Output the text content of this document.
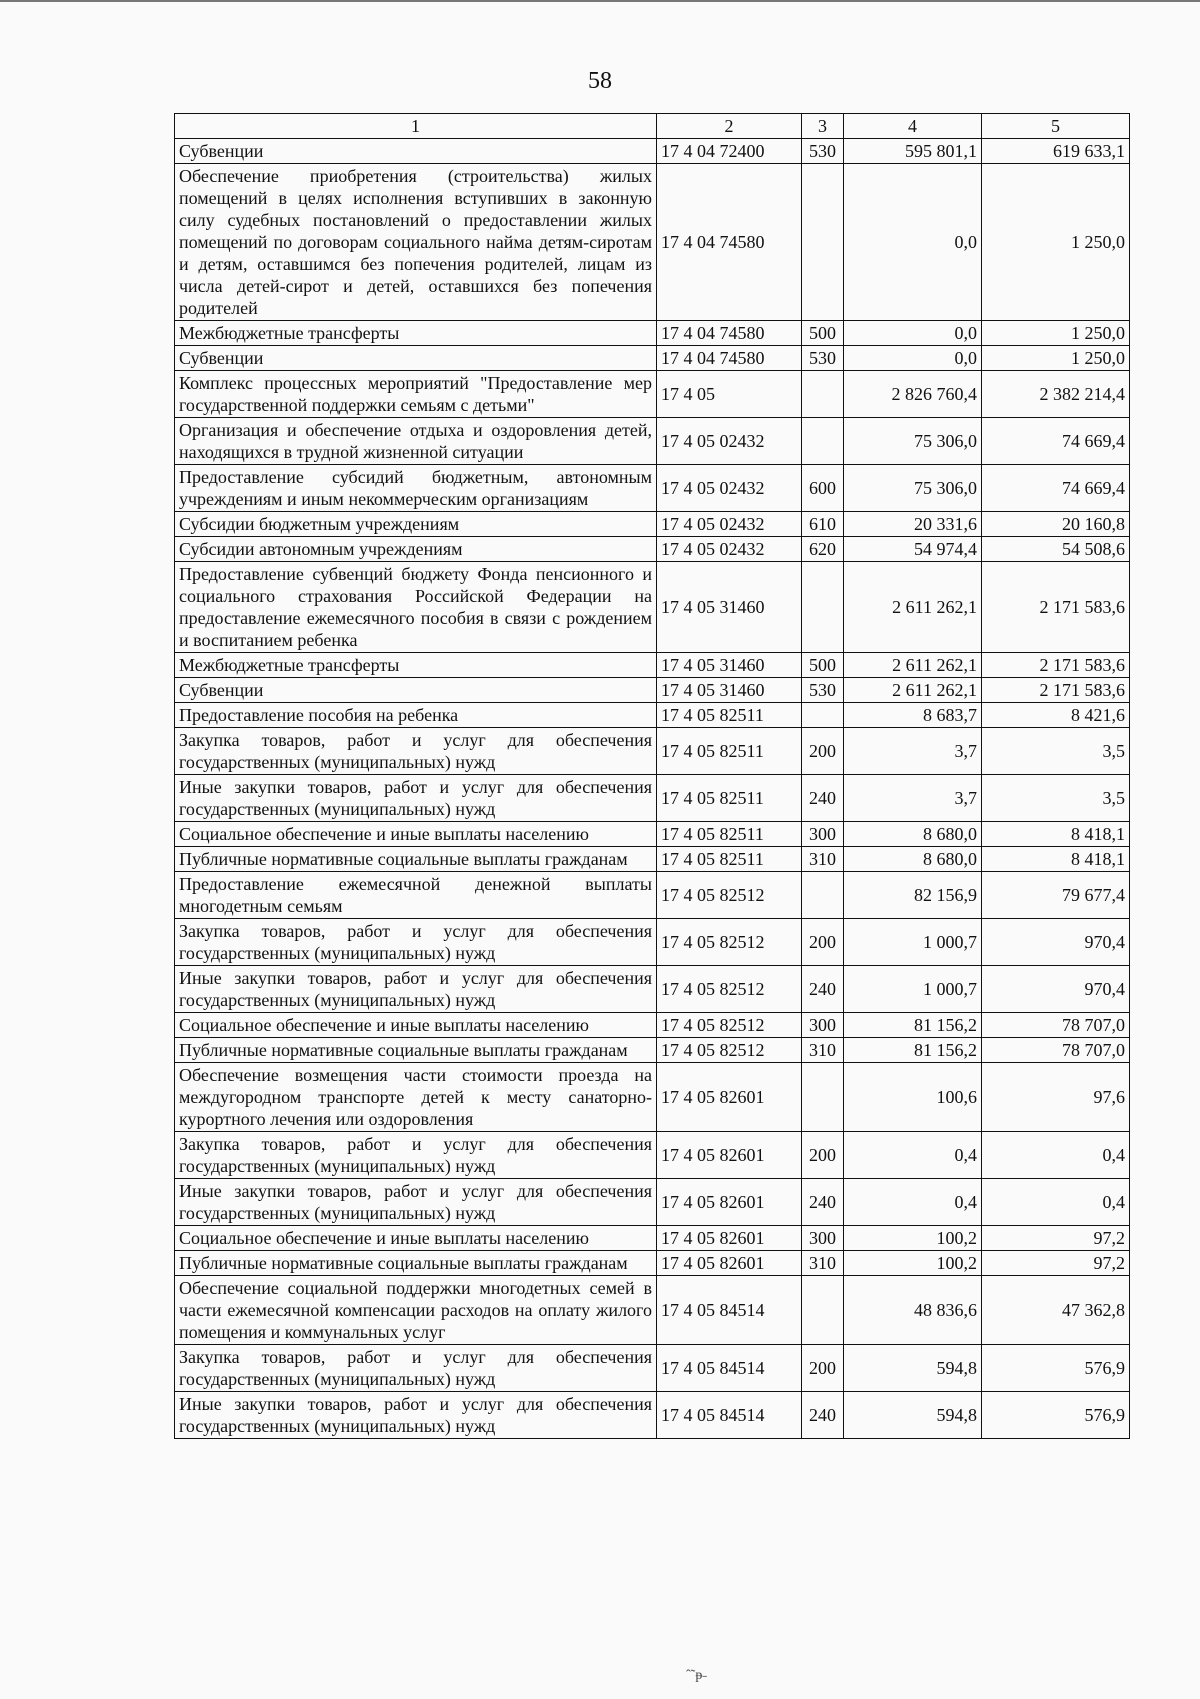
58
1	2	3	4	5
Субвенции	17 4 04 72400	530	595 801,1	619 633,1
Обеспечение приобретения (строительства) жилых помещений в целях исполнения вступивших в законную силу судебных постановлений о предоставлении жилых помещений по договорам социального найма детям-сиротам и детям, оставшимся без попечения родителей, лицам из числа детей-сирот и детей, оставшихся без попечения родителей	17 4 04 74580		0,0	1 250,0
Межбюджетные трансферты	17 4 04 74580	500	0,0	1 250,0
Субвенции	17 4 04 74580	530	0,0	1 250,0
Комплекс процессных мероприятий "Предоставление мер государственной поддержки семьям с детьми"	17 4 05		2 826 760,4	2 382 214,4
Организация и обеспечение отдыха и оздоровления детей, находящихся в трудной жизненной ситуации	17 4 05 02432		75 306,0	74 669,4
Предоставление субсидий бюджетным, автономным учреждениям и иным некоммерческим организациям	17 4 05 02432	600	75 306,0	74 669,4
Субсидии бюджетным учреждениям	17 4 05 02432	610	20 331,6	20 160,8
Субсидии автономным учреждениям	17 4 05 02432	620	54 974,4	54 508,6
Предоставление субвенций бюджету Фонда пенсионного и социального страхования Российской Федерации на предоставление ежемесячного пособия в связи с рождением и воспитанием ребенка	17 4 05 31460		2 611 262,1	2 171 583,6
Межбюджетные трансферты	17 4 05 31460	500	2 611 262,1	2 171 583,6
Субвенции	17 4 05 31460	530	2 611 262,1	2 171 583,6
Предоставление пособия на ребенка	17 4 05 82511		8 683,7	8 421,6
Закупка товаров, работ и услуг для обеспечения государственных (муниципальных) нужд	17 4 05 82511	200	3,7	3,5
Иные закупки товаров, работ и услуг для обеспечения государственных (муниципальных) нужд	17 4 05 82511	240	3,7	3,5
Социальное обеспечение и иные выплаты населению	17 4 05 82511	300	8 680,0	8 418,1
Публичные нормативные социальные выплаты гражданам	17 4 05 82511	310	8 680,0	8 418,1
Предоставление ежемесячной денежной выплаты многодетным семьям	17 4 05 82512		82 156,9	79 677,4
Закупка товаров, работ и услуг для обеспечения государственных (муниципальных) нужд	17 4 05 82512	200	1 000,7	970,4
Иные закупки товаров, работ и услуг для обеспечения государственных (муниципальных) нужд	17 4 05 82512	240	1 000,7	970,4
Социальное обеспечение и иные выплаты населению	17 4 05 82512	300	81 156,2	78 707,0
Публичные нормативные социальные выплаты гражданам	17 4 05 82512	310	81 156,2	78 707,0
Обеспечение возмещения части стоимости проезда на междугородном транспорте детей к месту санаторно-курортного лечения или оздоровления	17 4 05 82601		100,6	97,6
Закупка товаров, работ и услуг для обеспечения государственных (муниципальных) нужд	17 4 05 82601	200	0,4	0,4
Иные закупки товаров, работ и услуг для обеспечения государственных (муниципальных) нужд	17 4 05 82601	240	0,4	0,4
Социальное обеспечение и иные выплаты населению	17 4 05 82601	300	100,2	97,2
Публичные нормативные социальные выплаты гражданам	17 4 05 82601	310	100,2	97,2
Обеспечение социальной поддержки многодетных семей в части ежемесячной компенсации расходов на оплату жилого помещения и коммунальных услуг	17 4 05 84514		48 836,6	47 362,8
Закупка товаров, работ и услуг для обеспечения государственных (муниципальных) нужд	17 4 05 84514	200	594,8	576,9
Иные закупки товаров, работ и услуг для обеспечения государственных (муниципальных) нужд	17 4 05 84514	240	594,8	576,9
ˆ˜ᵽ˗
